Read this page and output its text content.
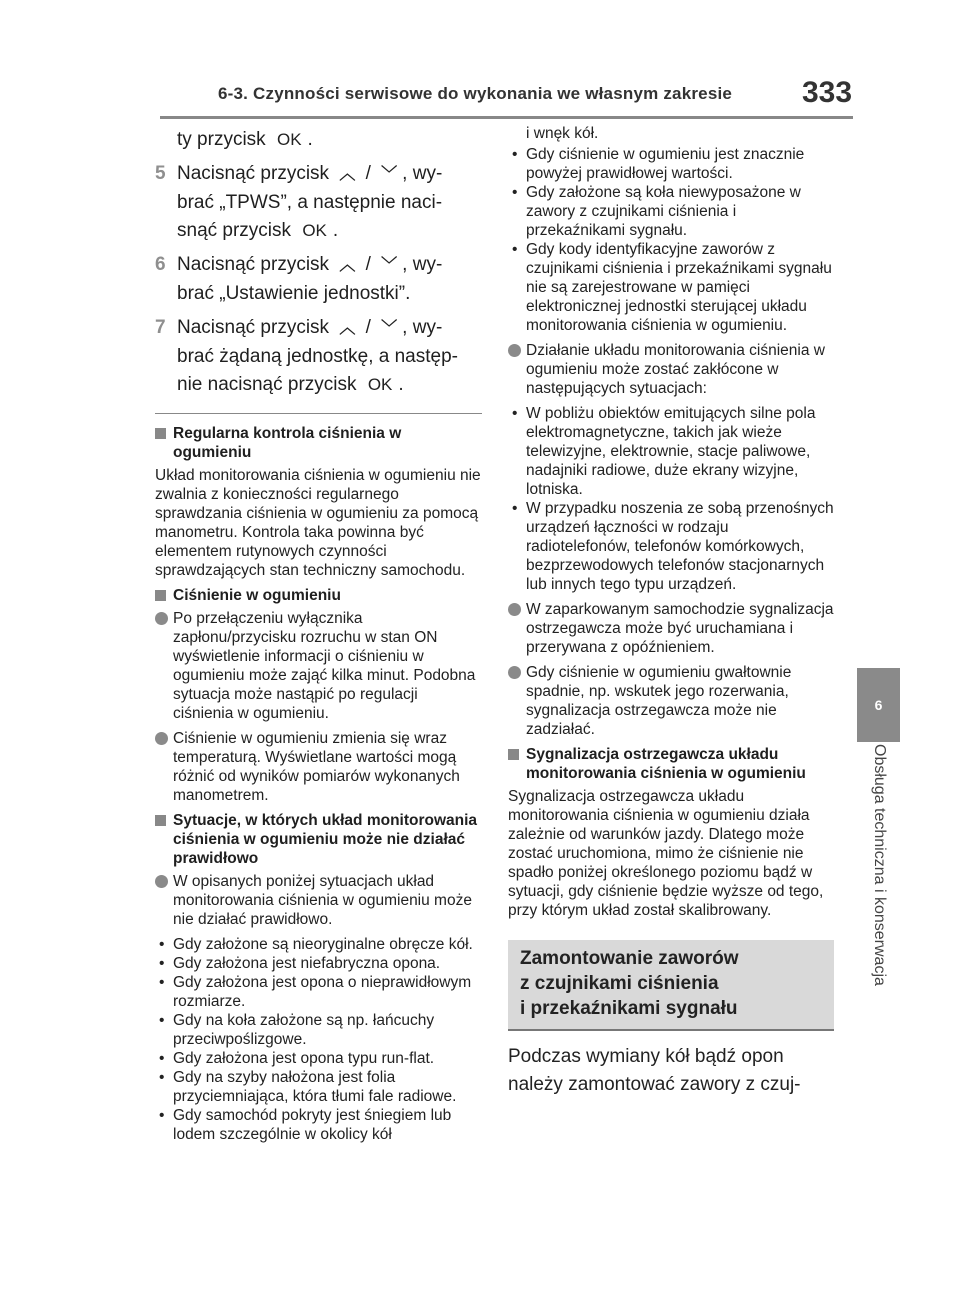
6-3. Czynności serwisowe do wykonania we własnym zakresie 333
6
Obsługa techniczna i konserwacja
ty przycisk OK .
5 Nacisnąć przycisk ︿ / ﹀ , wy-
brać „TPWS”, a następnie naci-
snąć przycisk OK .
6 Nacisnąć przycisk ︿ / ﹀ , wy-
brać „Ustawienie jednostki”.
7 Nacisnąć przycisk ︿ / ﹀ , wy-
brać żądaną jednostkę, a następ-
nie nacisnąć przycisk OK .
Regularna kontrola ciśnienia w ogumieniu

Układ monitorowania ciśnienia w ogumieniu nie zwalnia z konieczności regularnego sprawdzania ciśnienia w ogumieniu za pomocą manometru. Kontrola taka powinna być elementem rutynowych czynności sprawdzających stan techniczny samochodu.

Ciśnienie w ogumieniu
Po przełączeniu wyłącznika zapłonu/przycisku rozruchu w stan ON wyświetlenie informacji o ciśnieniu w ogumieniu może zająć kilka minut. Podobna sytuacja może nastąpić po regulacji ciśnienia w ogumieniu.
Ciśnienie w ogumieniu zmienia się wraz temperaturą. Wyświetlane wartości mogą różnić od wyników pomiarów wykonanych manometrem.
Sytuacje, w których układ monitorowania ciśnienia w ogumieniu może nie działać prawidłowo
W opisanych poniżej sytuacjach układ monitorowania ciśnienia w ogumieniu może nie działać prawidłowo.
• Gdy założone są nieoryginalne obręcze kół.
• Gdy założona jest niefabryczna opona.
• Gdy założona jest opona o nieprawidłowym rozmiarze.
• Gdy na koła założone są np. łańcuchy przeciwpoślizgowe.
• Gdy założona jest opona typu run-flat.
• Gdy na szyby nałożona jest folia przyciemniająca, która tłumi fale radiowe.
• Gdy samochód pokryty jest śniegiem lub lodem szczególnie w okolicy kół

i wnęk kół.

• Gdy ciśnienie w ogumieniu jest znacznie powyżej prawidłowej wartości.
• Gdy założone są koła niewyposażone w zawory z czujnikami ciśnienia i przekaźnikami sygnału.
• Gdy kody identyfikacyjne zaworów z czujnikami ciśnienia i przekaźnikami sygnału nie są zarejestrowane w pamięci elektronicznej jednostki sterującej układu monitorowania ciśnienia w ogumieniu.
Działanie układu monitorowania ciśnienia w ogumieniu może zostać zakłócone w następujących sytuacjach:
• W pobliżu obiektów emitujących silne pola elektromagnetyczne, takich jak wieże telewizyjne, elektrownie, stacje paliwowe, nadajniki radiowe, duże ekrany wizyjne, lotniska.
• W przypadku noszenia ze sobą przenośnych urządzeń łączności w rodzaju radiotelefonów, telefonów komórkowych, bezprzewodowych telefonów stacjonarnych lub innych tego typu urządzeń.
W zaparkowanym samochodzie sygnalizacja ostrzegawcza może być uruchamiana i przerywana z opóźnieniem.
Gdy ciśnienie w ogumieniu gwałtownie spadnie, np. wskutek jego rozerwania, sygnalizacja ostrzegawcza może nie zadziałać.
Sygnalizacja ostrzegawcza układu monitorowania ciśnienia w ogumieniu

Sygnalizacja ostrzegawcza układu monitorowania ciśnienia w ogumieniu działa zależnie od warunków jazdy. Dlatego może zostać uruchomiona, mimo że ciśnienie nie spadło poniżej określonego poziomu bądź w sytuacji, gdy ciśnienie będzie wyższe od tego, przy którym układ został skalibrowany.

Zamontowanie zaworów
z czujnikami ciśnienia
i przekaźnikami sygnału

Podczas wymiany kół bądź opon należy zamontować zawory z czuj-
